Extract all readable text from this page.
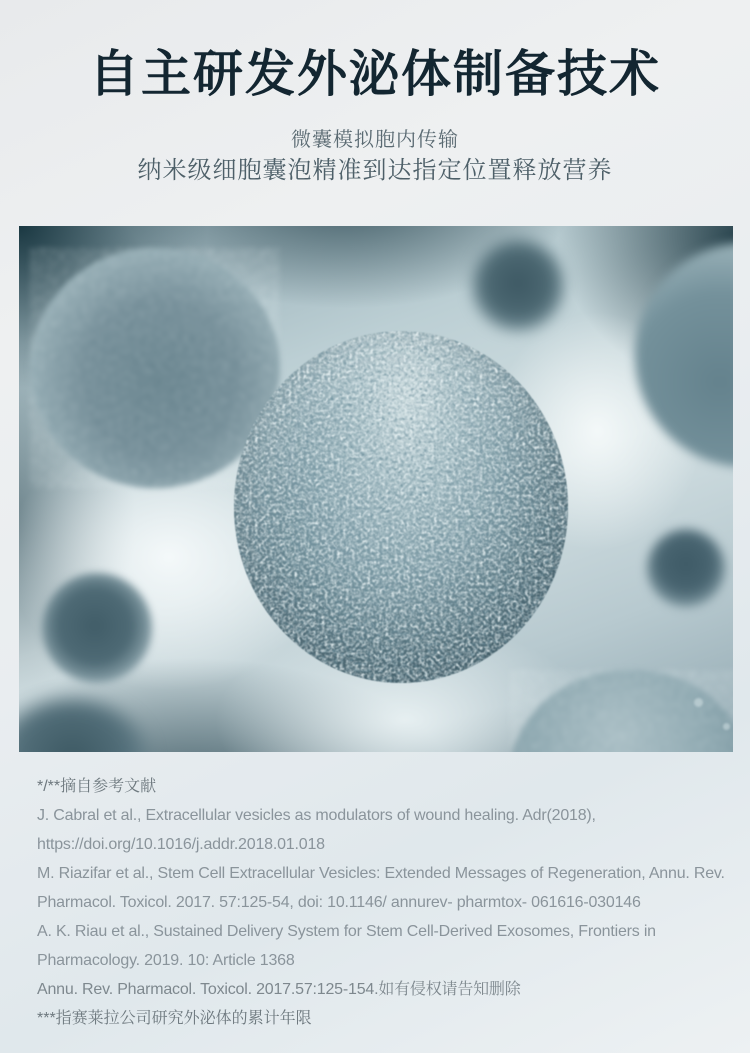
自主研发外泌体制备技术
微囊模拟胞内传输
纳米级细胞囊泡精准到达指定位置释放营养
*/**摘自参考文献
J. Cabral et al., Extracellular vesicles as modulators of wound healing. Adr(2018),
https://doi.org/10.1016/j.addr.2018.01.018
M. Riazifar et al., Stem Cell Extracellular Vesicles: Extended Messages of Regeneration, Annu. Rev.
Pharmacol. Toxicol. 2017. 57:125-54, doi: 10.1146/ annurev- pharmtox- 061616-030146
A. K. Riau et al., Sustained Delivery System for Stem Cell-Derived Exosomes, Frontiers in
Pharmacology. 2019. 10: Article 1368
Annu. Rev. Pharmacol. Toxicol. 2017.57:125-154.如有侵权请告知删除
***指赛莱拉公司研究外泌体的累计年限
